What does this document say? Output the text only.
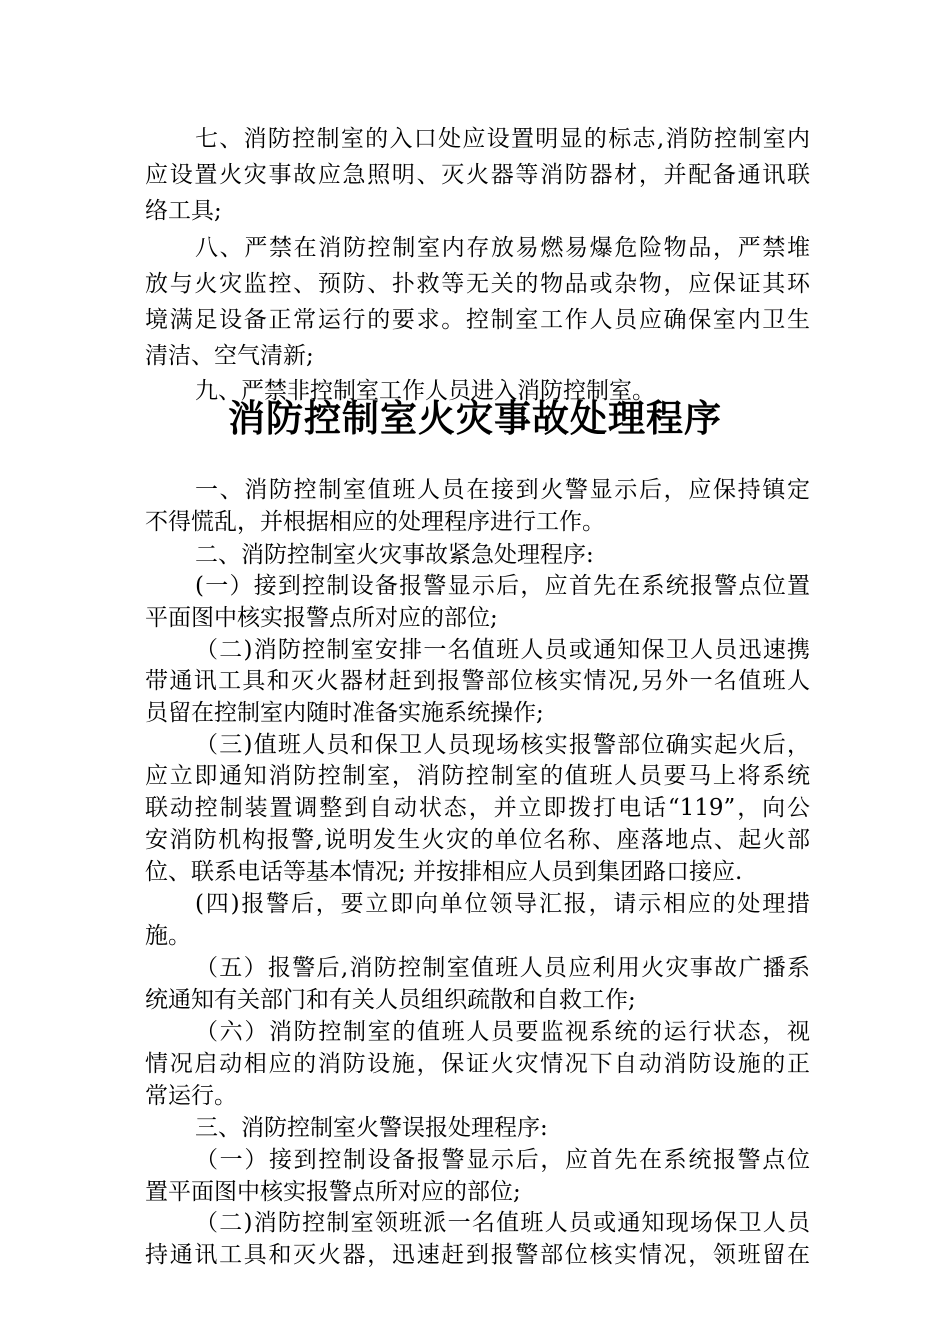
七、消防控制室的入口处应设置明显的标志,消防控制室内
应设置火灾事故应急照明、灭火器等消防器材，并配备通讯联
络工具;
八、严禁在消防控制室内存放易燃易爆危险物品，严禁堆
放与火灾监控、预防、扑救等无关的物品或杂物，应保证其环
境满足设备正常运行的要求。控制室工作人员应确保室内卫生
清洁、空气清新;
九、严禁非控制室工作人员进入消防控制室。
消防控制室火灾事故处理程序
一、消防控制室值班人员在接到火警显示后，应保持镇定
不得慌乱，并根据相应的处理程序进行工作。
二、消防控制室火灾事故紧急处理程序:
(一）接到控制设备报警显示后，应首先在系统报警点位置
平面图中核实报警点所对应的部位;
（二)消防控制室安排一名值班人员或通知保卫人员迅速携
带通讯工具和灭火器材赶到报警部位核实情况,另外一名值班人
员留在控制室内随时准备实施系统操作;
（三)值班人员和保卫人员现场核实报警部位确实起火后，
应立即通知消防控制室，消防控制室的值班人员要马上将系统
联动控制装置调整到自动状态，并立即拨打电话“119”，向公
安消防机构报警,说明发生火灾的单位名称、座落地点、起火部
位、联系电话等基本情况; 并按排相应人员到集团路口接应.
(四)报警后，要立即向单位领导汇报，请示相应的处理措
施。
（五）报警后,消防控制室值班人员应利用火灾事故广播系
统通知有关部门和有关人员组织疏散和自救工作;
（六）消防控制室的值班人员要监视系统的运行状态，视
情况启动相应的消防设施，保证火灾情况下自动消防设施的正
常运行。
三、消防控制室火警误报处理程序:
（一）接到控制设备报警显示后，应首先在系统报警点位
置平面图中核实报警点所对应的部位;
（二)消防控制室领班派一名值班人员或通知现场保卫人员
持通讯工具和灭火器，迅速赶到报警部位核实情况，领班留在
